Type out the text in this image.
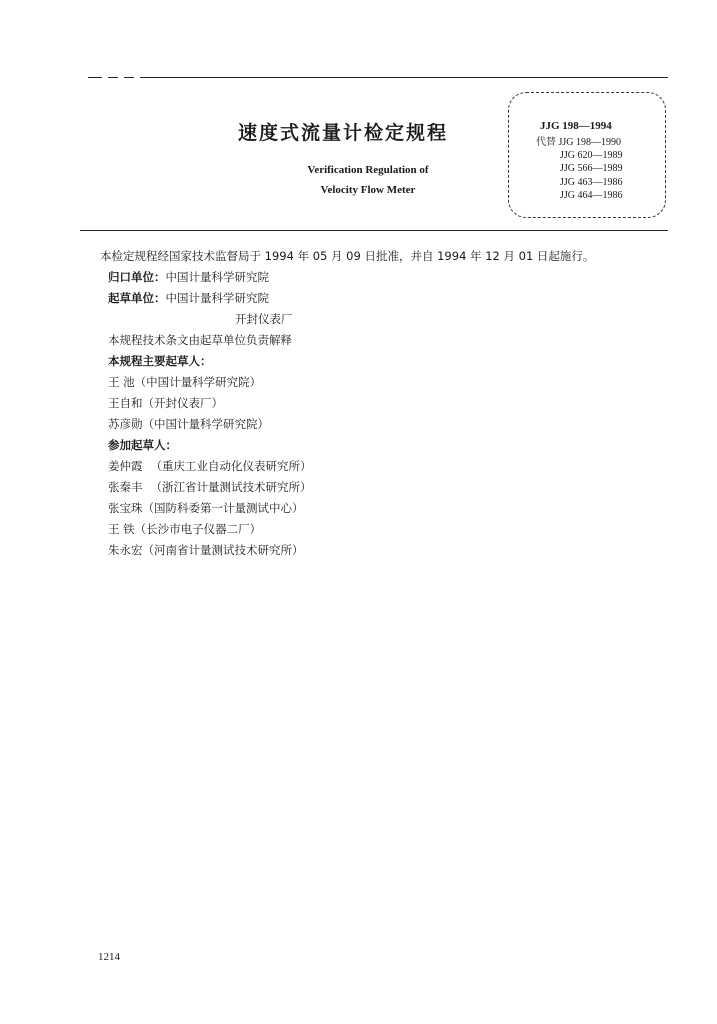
速度式流量计检定规程
Verification Regulation of
Velocity Flow Meter
JJG 198—1994
代替 JJG 198—1990
JJG 620—1989
JJG 566—1989
JJG 463—1986
JJG 464—1986
本检定规程经国家技术监督局于 1994 年 05 月 09 日批准，并自 1994 年 12 月 01 日起施行。
归口单位：中国计量科学研究院
起草单位：中国计量科学研究院
开封仪表厂
本规程技术条文由起草单位负责解释
本规程主要起草人：
王 池（中国计量科学研究院）
王自和（开封仪表厂）
苏彦勋（中国计量科学研究院）
参加起草人：
姜仲霞 （重庆工业自动化仪表研究所）
张秦丰 （浙江省计量测试技术研究所）
张宝珠（国防科委第一计量测试中心）
王 铁（长沙市电子仪器二厂）
朱永宏（河南省计量测试技术研究所）
1214
